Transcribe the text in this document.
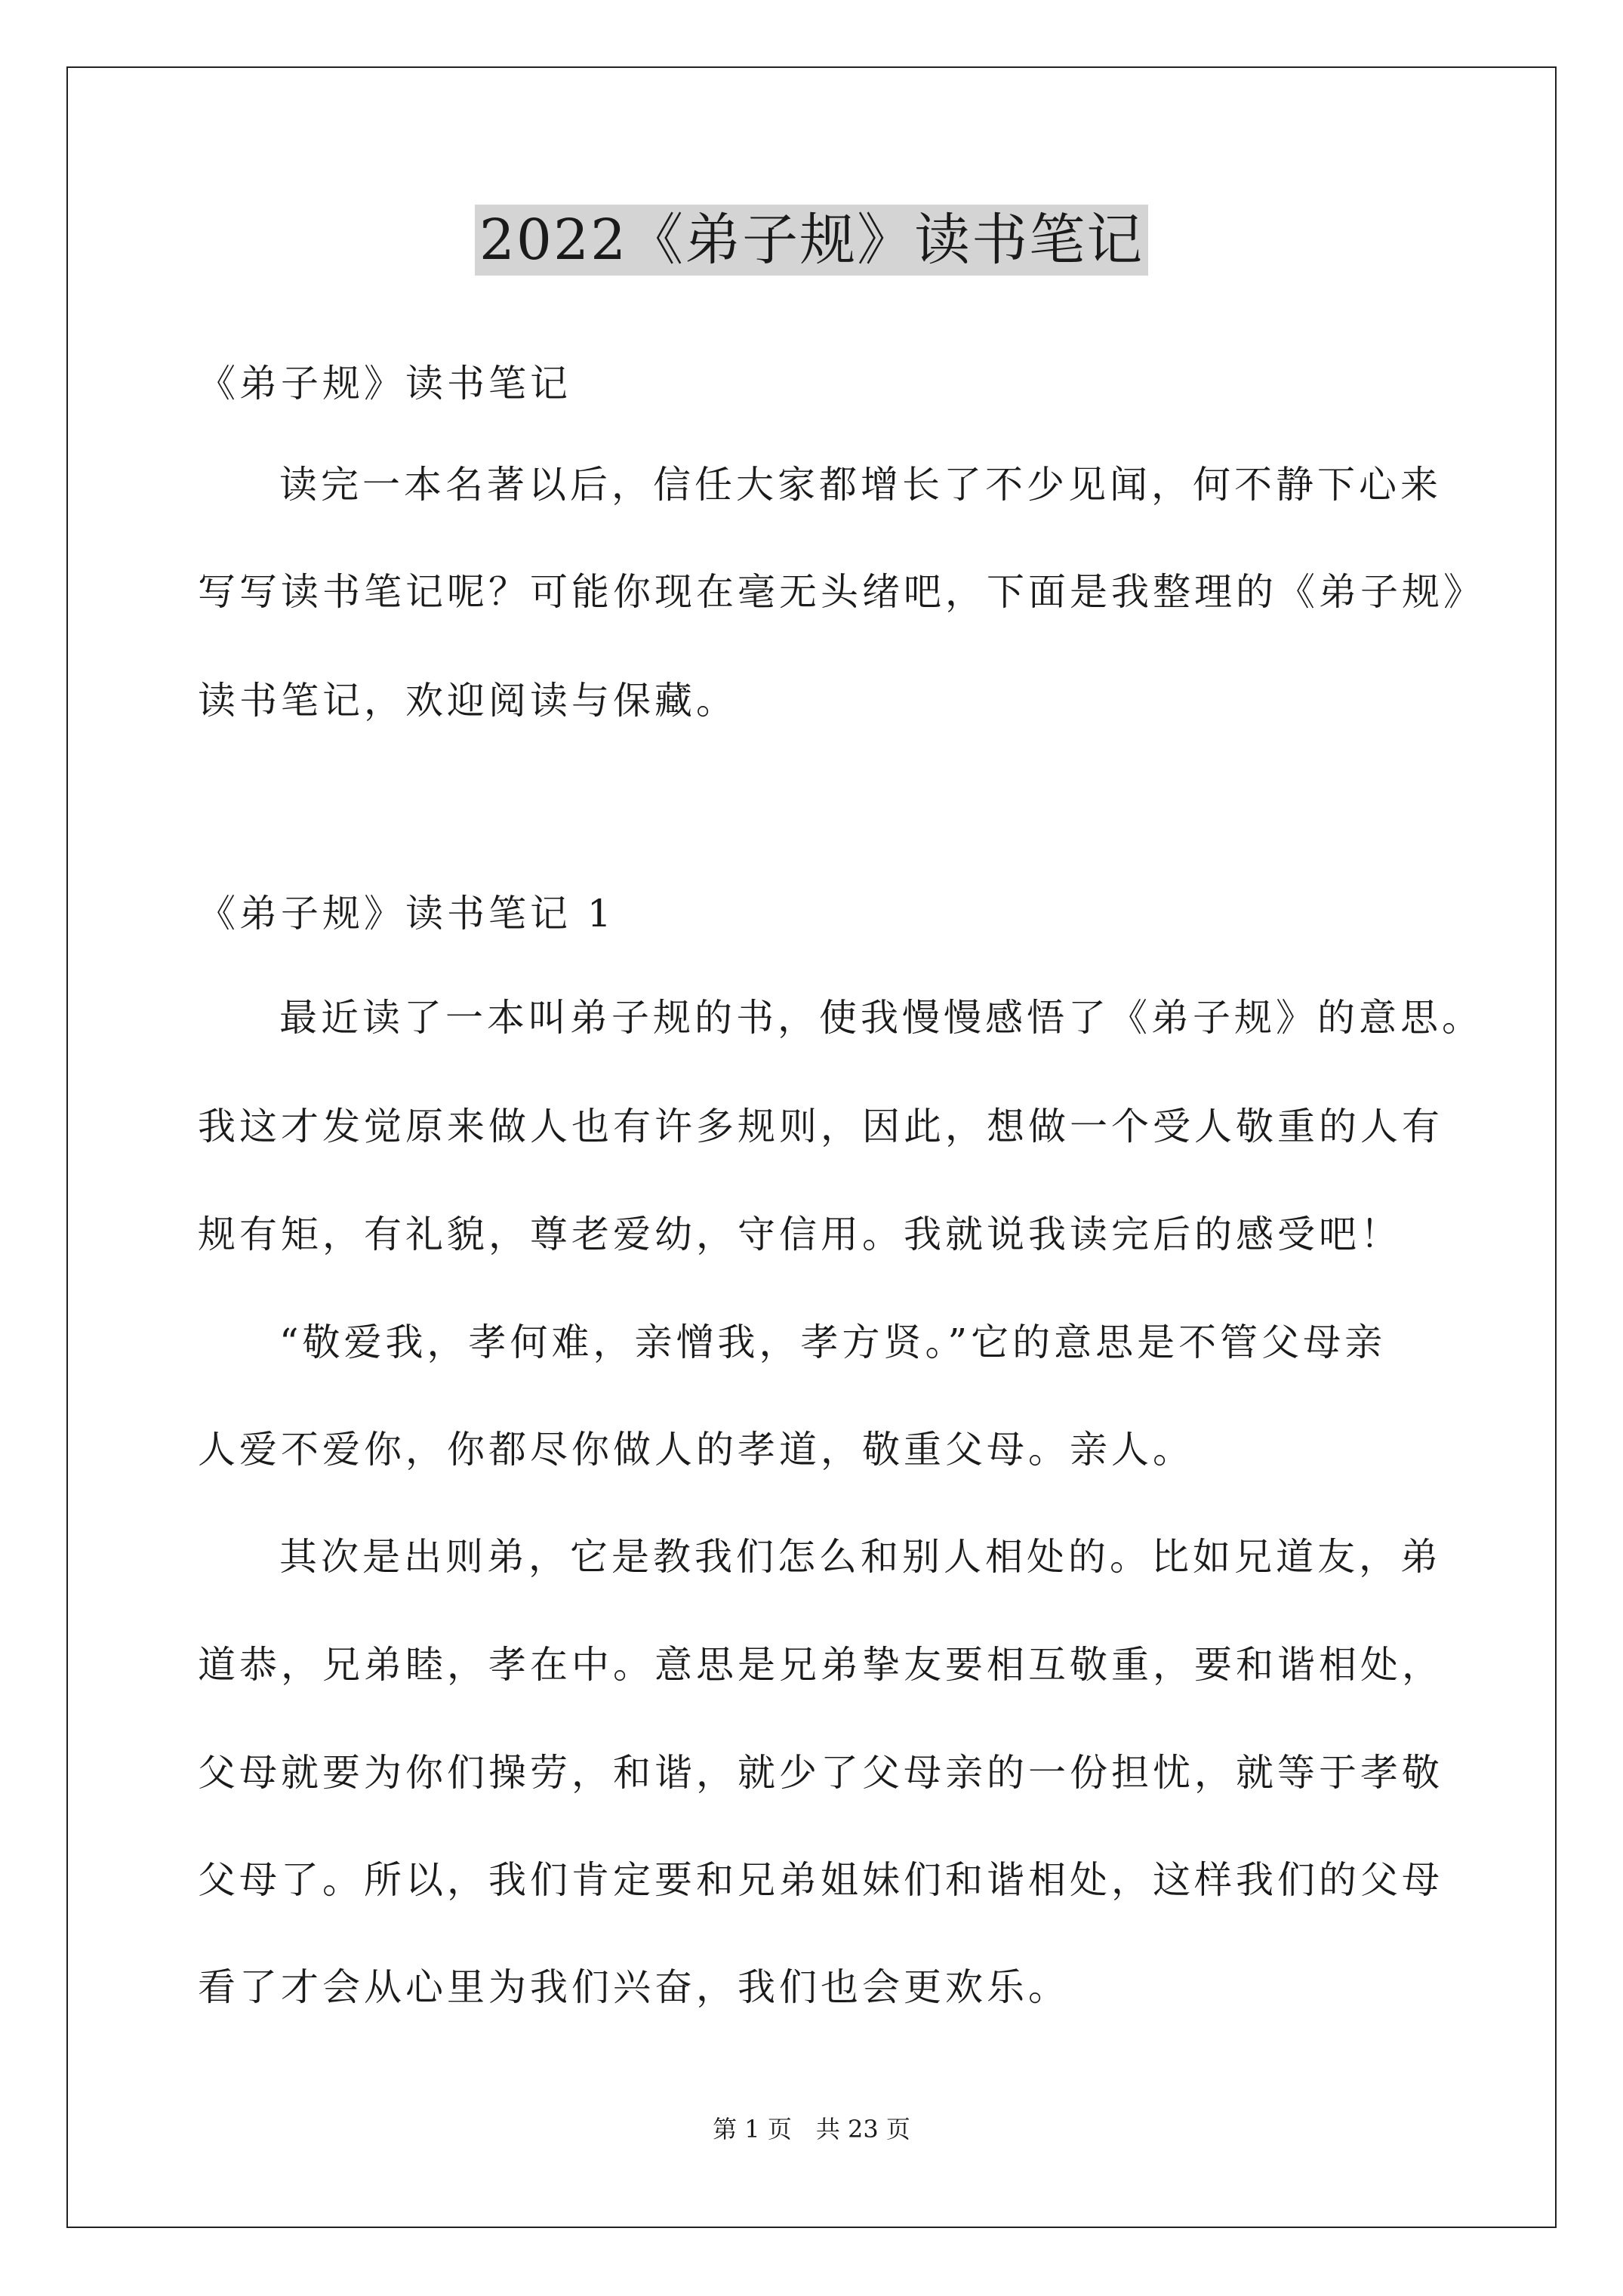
2022《弟子规》读书笔记
《弟子规》读书笔记
读完一本名著以后，信任大家都增长了不少见闻，何不静下心来
写写读书笔记呢？可能你现在毫无头绪吧，下面是我整理的《弟子规》
读书笔记，欢迎阅读与保藏。
《弟子规》读书笔记 1
最近读了一本叫弟子规的书，使我慢慢感悟了《弟子规》的意思。
我这才发觉原来做人也有许多规则，因此，想做一个受人敬重的人有
规有矩，有礼貌，尊老爱幼，守信用。我就说我读完后的感受吧！
“敬爱我，孝何难，亲憎我，孝方贤。”它的意思是不管父母亲
人爱不爱你，你都尽你做人的孝道，敬重父母。亲人。
其次是出则弟，它是教我们怎么和别人相处的。比如兄道友，弟
道恭，兄弟睦，孝在中。意思是兄弟挚友要相互敬重，要和谐相处，
父母就要为你们操劳，和谐，就少了父母亲的一份担忧，就等于孝敬
父母了。所以，我们肯定要和兄弟姐妹们和谐相处，这样我们的父母
看了才会从心里为我们兴奋，我们也会更欢乐。
第 1 页　共 23 页
